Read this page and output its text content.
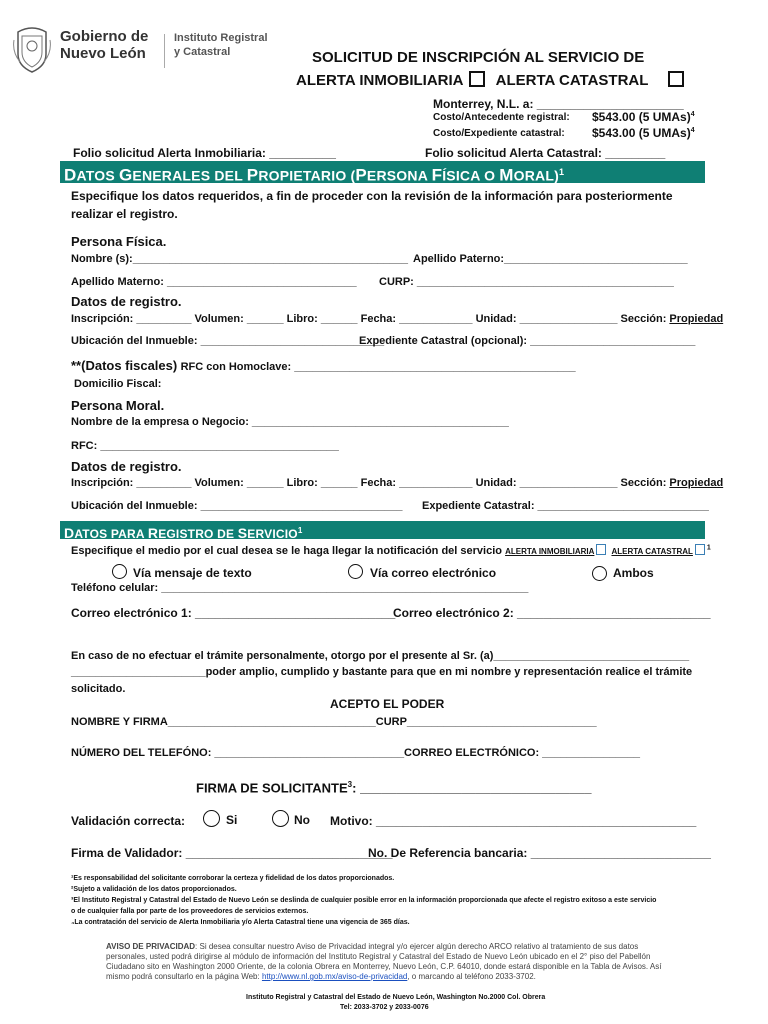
Gobierno de
Nuevo León
Instituto Registral
y Catastral	SOLICITUD DE INSCRIPCIÓN AL SERVICIO DE
ALERTA INMOBILIARIA ALERTA CATASTRAL
Monterrey, N.L. a: ______________________
Costo/Antecedente registral: $543.00 (5 UMAs)$^4$
Costo/Expediente catastral: $543.00 (5 UMAs)$^4$
Folio solicitud Alerta Inmobiliaria: __________	Folio solicitud Alerta Catastral: _________
DATOS GENERALES DEL PROPIETARIO (PERSONA FÍSICA O MORAL)$^1$
Especifique los datos requeridos, a fin de proceder con la revisión de la información para posteriormente
realizar el registro.
Persona Física.
Nombre (s):_____________________________________________ Apellido Paterno:______________________________
Apellido Materno: _______________________________ CURP: __________________________________________
Datos de registro.
Inscripción: _________ Volumen: ______ Libro: ______ Fecha: ____________ Unidad: ________________ Sección: Propiedad
Ubicación del Inmueble: ______________________________
Expediente Catastral (opcional): ___________________________
**(Datos fiscales) RFC con Homoclave: ______________________________________________
Domicilio Fiscal:
Persona Moral.
Nombre de la empresa o Negocio: __________________________________________
RFC: _______________________________________
Datos de registro.
Inscripción: _________ Volumen: ______ Libro: ______ Fecha: ____________ Unidad: ________________ Sección: Propiedad
Ubicación del Inmueble: _________________________________ Expediente Catastral: ____________________________
DATOS PARA REGISTRO DE SERVICIO$^1$
Especifique el medio por el cual desea se le haga llegar la notificación del servicio ALERTA INMOBILIARIA ALERTA CATASTRAL $^1$
Vía mensaje de texto	Vía correo electrónico	Ambos
Teléfono celular: ____________________________________________________________
Correo electrónico 1: ______________________________
Correo electrónico 2: _____________________________
En caso de no efectuar el trámite personalmente, otorgo por el presente al Sr. (a)________________________________
______________________poder amplio, cumplido y bastante para que en mi nombre y representación realice el trámite
solicitado.
ACEPTO EL PODER
NOMBRE Y FIRMA__________________________________CURP_______________________________
NÚMERO DEL TELEFÓNO: _______________________________CORREO ELECTRÓNICO: ________________
FIRMA DE SOLICITANTE$^3$: ________________________________
Validación correcta:	Si	No Motivo: ________________________________________________
Firma de Validador: _______________________________
No. De Referencia bancaria: ___________________________
¹Es responsabilidad del solicitante corroborar la certeza y fidelidad de los datos proporcionados.
²Sujeto a validación de los datos proporcionados.
³El Instituto Registral y Catastral del Estado de Nuevo León se deslinda de cualquier posible error en la información proporcionada que afecte el registro exitoso a este servicio
o de cualquier falla por parte de los proveedores de servicios externos.
₄La contratación del servicio de Alerta Inmobiliaria y/o Alerta Catastral tiene una vigencia de 365 días.
AVISO DE PRIVACIDAD: Si desea consultar nuestro Aviso de Privacidad integral y/o ejercer algún derecho ARCO relativo al tratamiento de sus datos personales, usted podrá dirigirse al módulo de información del Instituto Registral y Catastral del Estado de Nuevo León ubicado en el 2° piso del Pabellón Ciudadano sito en Washington 2000 Oriente, de la colonia Obrera en Monterrey, Nuevo León, C.P. 64010, donde estará disponible en la Tabla de Avisos. Así mismo podrá consultarlo en la página Web: http://www.nl.gob.mx/aviso-de-privacidad, o marcando al teléfono 2033-3702.
Instituto Registral y Catastral del Estado de Nuevo León, Washington No.2000 Col. Obrera
Tel: 2033-3702 y 2033-0076
